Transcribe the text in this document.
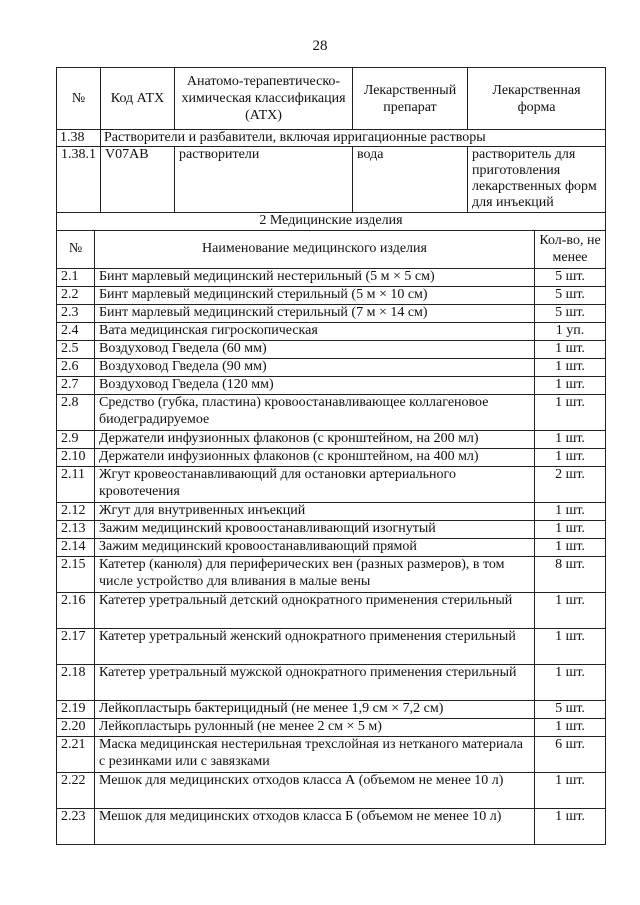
28
№	Код АТХ	Анатомо-терапевтическо-химическая классификация (АТХ)	Лекарственный препарат	Лекарственная форма
1.38	Растворители и разбавители, включая ирригационные растворы			
1.38.1	V07AB	растворители	вода	растворитель для приготовления лекарственных форм для инъекций
2 Медицинские изделия		
№	Наименование медицинского изделия	Кол-во, не менее
2.1	Бинт марлевый медицинский нестерильный (5 м × 5 см)	5 шт.
2.2	Бинт марлевый медицинский стерильный (5 м × 10 см)	5 шт.
2.3	Бинт марлевый медицинский стерильный (7 м × 14 см)	5 шт.
2.4	Вата медицинская гигроскопическая	1 уп.
2.5	Воздуховод Гведела (60 мм)	1 шт.
2.6	Воздуховод Гведела (90 мм)	1 шт.
2.7	Воздуховод Гведела (120 мм)	1 шт.
2.8	Средство (губка, пластина) кровоостанавливающее коллагеновое биодеградируемое	1 шт.
2.9	Держатели инфузионных флаконов (с кронштейном, на 200 мл)	1 шт.
2.10	Держатели инфузионных флаконов (с кронштейном, на 400 мл)	1 шт.
2.11	Жгут кровеостанавливающий для остановки артериального кровотечения	2 шт.
2.12	Жгут для внутривенных инъекций	1 шт.
2.13	Зажим медицинский кровоостанавливающий изогнутый	1 шт.
2.14	Зажим медицинский кровоостанавливающий прямой	1 шт.
2.15	Катетер (канюля) для периферических вен (разных размеров), в том числе устройство для вливания в малые вены	8 шт.
2.16	Катетер уретральный детский однократного применения стерильный	1 шт.
2.17	Катетер уретральный женский однократного применения стерильный	1 шт.
2.18	Катетер уретральный мужской однократного применения стерильный	1 шт.
2.19	Лейкопластырь бактерицидный (не менее 1,9 см × 7,2 см)	5 шт.
2.20	Лейкопластырь рулонный (не менее 2 см × 5 м)	1 шт.
2.21	Маска медицинская нестерильная трехслойная из нетканого материала с резинками или с завязками	6 шт.
2.22	Мешок для медицинских отходов класса А (объемом не менее 10 л)	1 шт.
2.23	Мешок для медицинских отходов класса Б (объемом не менее 10 л)	1 шт.
